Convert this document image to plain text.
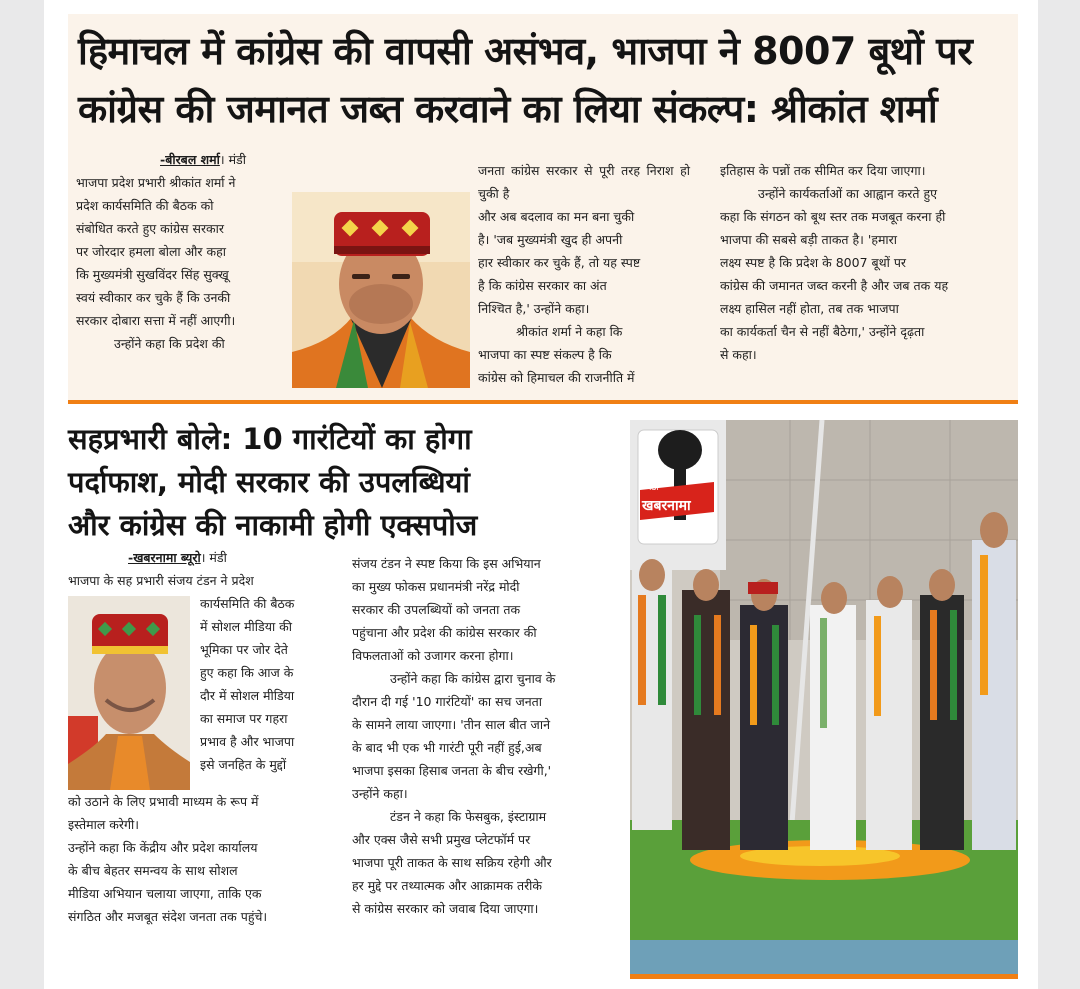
हिमाचल में कांग्रेस की वापसी असंभव, भाजपा ने 8007 बूथों पर
कांग्रेस की जमानत जब्त करवाने का लिया संकल्प: श्रीकांत शर्मा

-बीरबल शर्मा। मंडी

भाजपा प्रदेश प्रभारी श्रीकांत शर्मा ने

प्रदेश कार्यसमिति की बैठक को

संबोधित करते हुए कांग्रेस सरकार

पर जोरदार हमला बोला और कहा

कि मुख्यमंत्री सुखविंदर सिंह सुक्खू

स्वयं स्वीकार कर चुके हैं कि उनकी

सरकार दोबारा सत्ता में नहीं आएगी।

उन्होंने कहा कि प्रदेश की

जनता कांग्रेस सरकार से पूरी तरह निराश हो चुकी है

और अब बदलाव का मन बना चुकी

है। 'जब मुख्यमंत्री खुद ही अपनी

हार स्वीकार कर चुके हैं, तो यह स्पष्ट

है कि कांग्रेस सरकार का अंत

निश्चित है,' उन्होंने कहा।

श्रीकांत शर्मा ने कहा कि

भाजपा का स्पष्ट संकल्प है कि

कांग्रेस को हिमाचल की राजनीति में

इतिहास के पन्नों तक सीमित कर दिया जाएगा।

उन्होंने कार्यकर्ताओं का आह्वान करते हुए

कहा कि संगठन को बूथ स्तर तक मजबूत करना ही

भाजपा की सबसे बड़ी ताकत है। 'हमारा

लक्ष्य स्पष्ट है कि प्रदेश के 8007 बूथों पर

कांग्रेस की जमानत जब्त करनी है और जब तक यह

लक्ष्य हासिल नहीं होता, तब तक भाजपा

का कार्यकर्ता चैन से नहीं बैठेगा,' उन्होंने दृढ़ता

से कहा।

सहप्रभारी बोले: 10 गारंटियों का होगा
पर्दाफाश, मोदी सरकार की उपलब्धियां
और कांग्रेस की नाकामी होगी एक्सपोज

-खबरनामा ब्यूरो। मंडी

भाजपा के सह प्रभारी संजय टंडन ने प्रदेश

कार्यसमिति की बैठक

में सोशल मीडिया की

भूमिका पर जोर देते

हुए कहा कि आज के

दौर में सोशल मीडिया

का समाज पर गहरा

प्रभाव है और भाजपा

इसे जनहित के मुद्दों

को उठाने के लिए प्रभावी माध्यम के रूप में

इस्तेमाल करेगी।

उन्होंने कहा कि केंद्रीय और प्रदेश कार्यालय

के बीच बेहतर समन्वय के साथ सोशल

मीडिया अभियान चलाया जाएगा, ताकि एक

संगठित और मजबूत संदेश जनता तक पहुंचे।

संजय टंडन ने स्पष्ट किया कि इस अभियान

का मुख्य फोकस प्रधानमंत्री नरेंद्र मोदी

सरकार की उपलब्धियों को जनता तक

पहुंचाना और प्रदेश की कांग्रेस सरकार की

विफलताओं को उजागर करना होगा।

उन्होंने कहा कि कांग्रेस द्वारा चुनाव के

दौरान दी गई '10 गारंटियों' का सच जनता

के सामने लाया जाएगा। 'तीन साल बीत जाने

के बाद भी एक भी गारंटी पूरी नहीं हुई,अब

भाजपा इसका हिसाब जनता के बीच रखेगी,'

उन्होंने कहा।

टंडन ने कहा कि फेसबुक, इंस्टाग्राम

और एक्स जैसे सभी प्रमुख प्लेटफॉर्म पर

भाजपा पूरी ताकत के साथ सक्रिय रहेगी और

हर मुद्दे पर तथ्यात्मक और आक्रामक तरीके

से कांग्रेस सरकार को जवाब दिया जाएगा।

मंडी
खबरनामा
